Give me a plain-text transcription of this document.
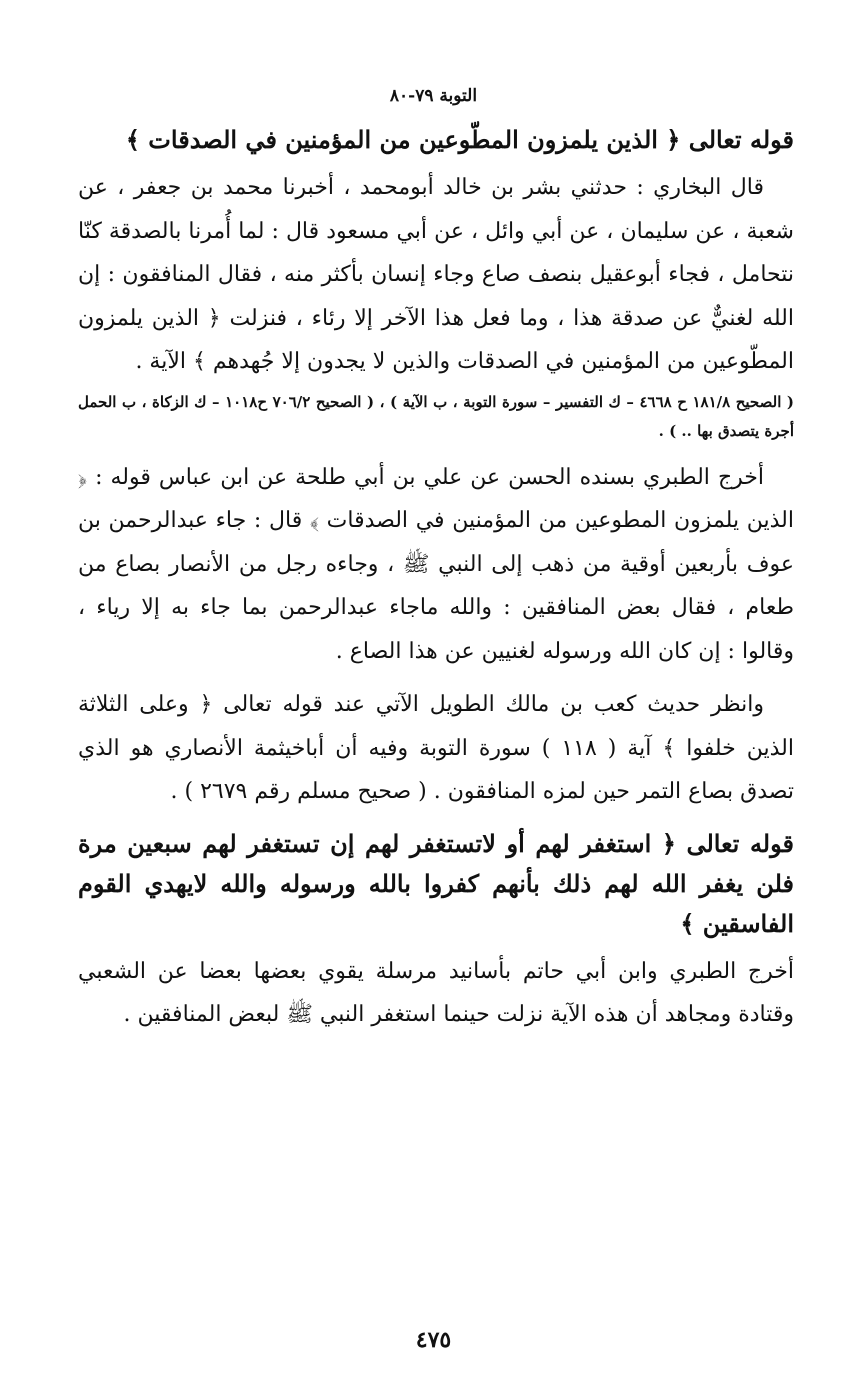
التوبة ٧٩-٨٠
قوله تعالى ﴿ الذين يلمزون المطّوعين من المؤمنين في الصدقات ﴾

قال البخاري : حدثني بشر بن خالد أبومحمد ، أخبرنا محمد بن جعفر ، عن شعبة ، عن سليمان ، عن أبي وائل ، عن أبي مسعود قال : لما أُمرنا بالصدقة كنّا نتحامل ، فجاء أبوعقيل بنصف صاع وجاء إنسان بأكثر منه ، فقال المنافقون : إن الله لغنيٌّ عن صدقة هذا ، وما فعل هذا الآخر إلا رئاء ، فنزلت ﴿ الذين يلمزون المطّوعين من المؤمنين في الصدقات والذين لا يجدون إلا جُهدهم ﴾ الآية .

( الصحيح ١٨١/٨ ح ٤٦٦٨ – ك التفسير – سورة التوبة ، ب الآية ) ، ( الصحيح ٧٠٦/٢ ح١٠١٨ – ك الزكاة ، ب الحمل أجرة يتصدق بها .. ) .

أخرج الطبري بسنده الحسن عن علي بن أبي طلحة عن ابن عباس قوله : ﴿ الذين يلمزون المطوعين من المؤمنين في الصدقات ﴾ قال : جاء عبدالرحمن بن عوف بأربعين أوقية من ذهب إلى النبي ﷺ ، وجاءه رجل من الأنصار بصاع من طعام ، فقال بعض المنافقين : والله ماجاء عبدالرحمن بما جاء به إلا رياء ، وقالوا : إن كان الله ورسوله لغنيين عن هذا الصاع .

وانظر حديث كعب بن مالك الطويل الآتي عند قوله تعالى ﴿ وعلى الثلاثة الذين خلفوا ﴾ آية ( ١١٨ ) سورة التوبة وفيه أن أباخيثمة الأنصاري هو الذي تصدق بصاع التمر حين لمزه المنافقون . ( صحيح مسلم رقم ٢٦٧٩ ) .

قوله تعالى ﴿ استغفر لهم أو لاتستغفر لهم إن تستغفر لهم سبعين مرة فلن يغفر الله لهم ذلك بأنهم كفروا بالله ورسوله والله لايهدي القوم الفاسقين ﴾

أخرج الطبري وابن أبي حاتم بأسانيد مرسلة يقوي بعضها بعضا عن الشعبي وقتادة ومجاهد أن هذه الآية نزلت حينما استغفر النبي ﷺ لبعض المنافقين .

٤٧٥
